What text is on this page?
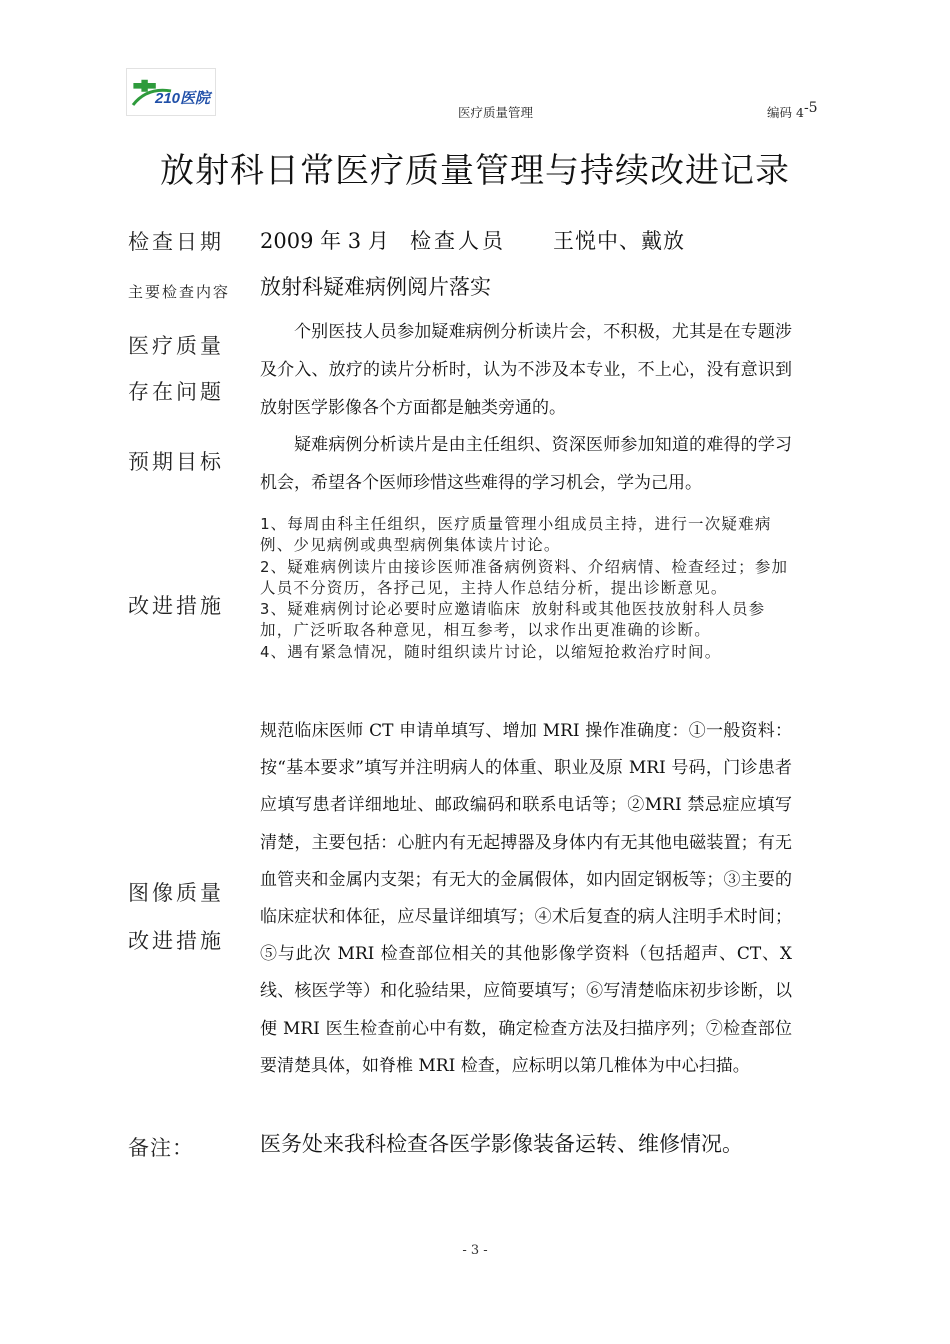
210医院
医疗质量管理	编码 4-5
放射科日常医疗质量管理与持续改进记录
检查日期 2009 年 3 月 检查人员 王悦中、戴放
主要检查内容 放射科疑难病例阅片落实
医疗质量
存在问题

个别医技人员参加疑难病例分析读片会，不积极，尤其是在专题涉及介入、放疗的读片分析时，认为不涉及本专业，不上心，没有意识到放射医学影像各个方面都是触类旁通的。

预期目标

疑难病例分析读片是由主任组织、资深医师参加知道的难得的学习机会，希望各个医师珍惜这些难得的学习机会，学为己用。

改进措施
1、每周由科主任组织，医疗质量管理小组成员主持，进行一次疑难病例、少见病例或典型病例集体读片讨论。
2、疑难病例读片由接诊医师准备病例资料、介绍病情、检查经过；参加人员不分资历，各抒己见，主持人作总结分析，提出诊断意见。
3、疑难病例讨论必要时应邀请临床 放射科或其他医技放射科人员参加，广泛听取各种意见，相互参考，以求作出更准确的诊断。
4、遇有紧急情况，随时组织读片讨论，以缩短抢救治疗时间。
图像质量
改进措施
规范临床医师 CT 申请单填写、增加 MRI 操作准确度：①一般资料：按“基本要求”填写并注明病人的体重、职业及原 MRI 号码，门诊患者应填写患者详细地址、邮政编码和联系电话等；②MRI 禁忌症应填写清楚，主要包括：心脏内有无起搏器及身体内有无其他电磁装置；有无血管夹和金属内支架；有无大的金属假体，如内固定钢板等；③主要的临床症状和体征，应尽量详细填写；④术后复查的病人注明手术时间；⑤与此次 MRI 检查部位相关的其他影像学资料（包括超声、CT、X 线、核医学等）和化验结果，应简要填写；⑥写清楚临床初步诊断，以便 MRI 医生检查前心中有数，确定检查方法及扫描序列；⑦检查部位要清楚具体，如脊椎 MRI 检查，应标明以第几椎体为中心扫描。
备注：	医务处来我科检查各医学影像装备运转、维修情况。
- 3 -
